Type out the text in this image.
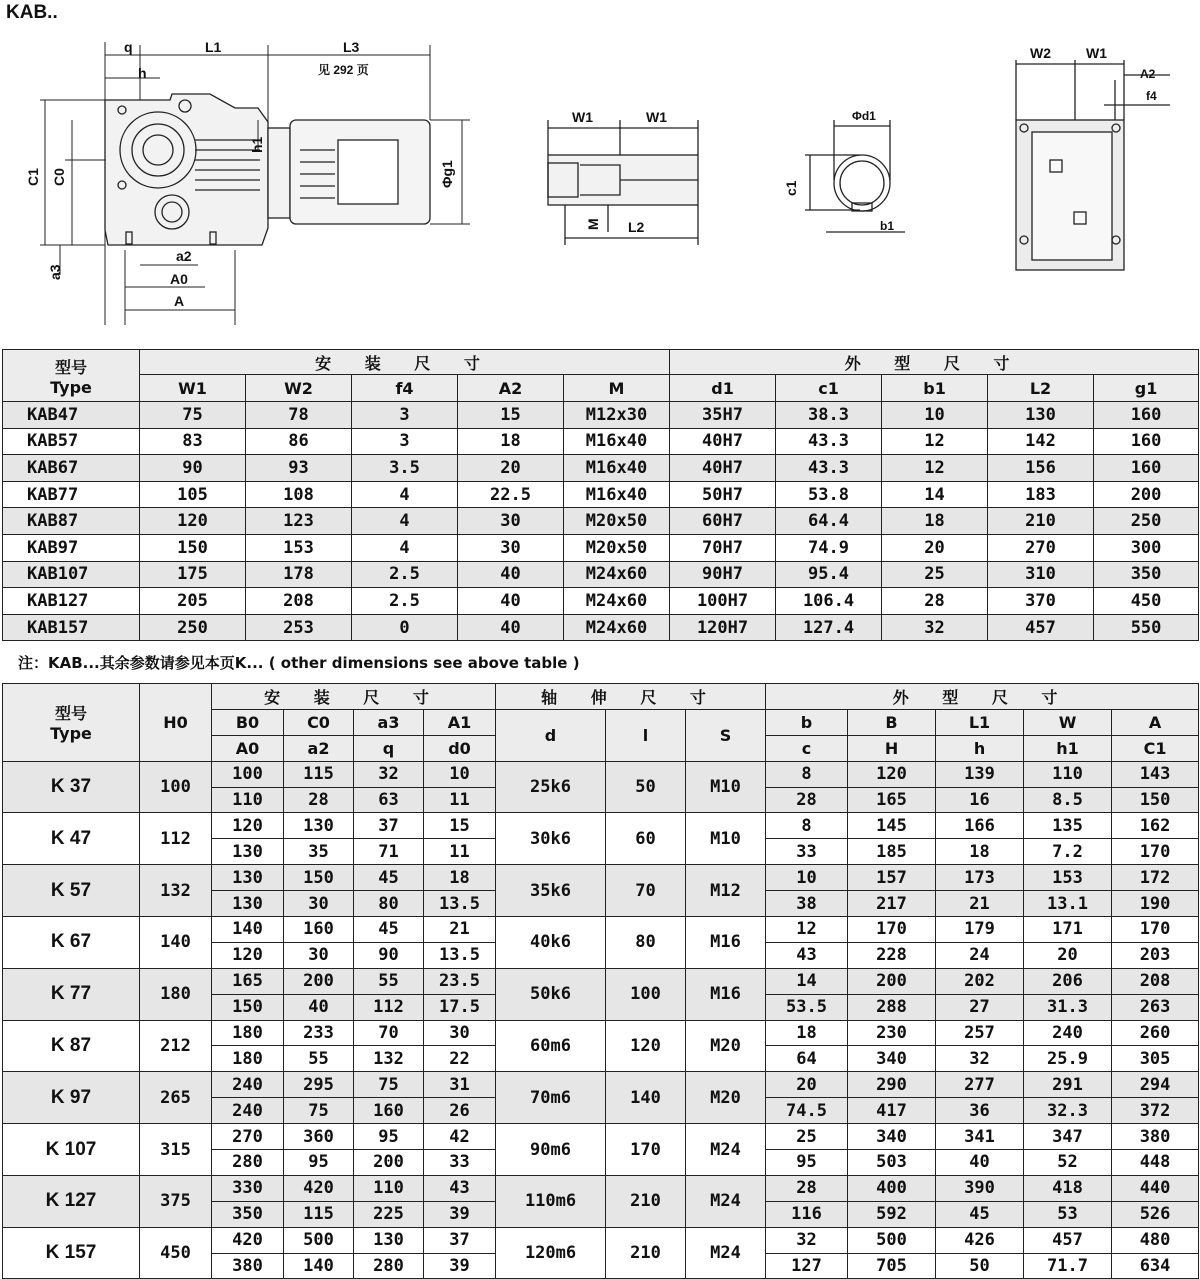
KAB..
q	L1	L3
见 292 页
h
h1
C1 C0	Φg1
a3
a2
A0
A
W1	W1
M L2
Φd1
c1
b1
W2	W1
A2
f4
型号
Type	安 装 尺 寸					外 型 尺 寸				
	W1	W2	f4	A2	M	d1	c1	b1	L2	g1
KAB47	75	78	3	15	M12x30	35H7	38.3	10	130	160
KAB57	83	86	3	18	M16x40	40H7	43.3	12	142	160
KAB67	90	93	3.5	20	M16x40	40H7	43.3	12	156	160
KAB77	105	108	4	22.5	M16x40	50H7	53.8	14	183	200
KAB87	120	123	4	30	M20x50	60H7	64.4	18	210	250
KAB97	150	153	4	30	M20x50	70H7	74.9	20	270	300
KAB107	175	178	2.5	40	M24x60	90H7	95.4	25	310	350
KAB127	205	208	2.5	40	M24x60	100H7	106.4	28	370	450
KAB157	250	253	0	40	M24x60	120H7	127.4	32	457	550
注：KAB...其余参数请参见本页K... ( other dimensions see above table )
型号
Type	H0	安 装 尺 寸				轴 伸 尺 寸			外 型 尺 寸				
		B0	C0	a3	A1	d	l	S	b	B	L1	W	A
		A0	a2	q	d0				c	H	h	h1	C1
K 37	100	100	115	32	10	25k6	50	M10	8	120	139	110	143
		110	28	63	11				28	165	16	8.5	150
K 47	112	120	130	37	15	30k6	60	M10	8	145	166	135	162
		130	35	71	11				33	185	18	7.2	170
K 57	132	130	150	45	18	35k6	70	M12	10	157	173	153	172
		130	30	80	13.5				38	217	21	13.1	190
K 67	140	140	160	45	21	40k6	80	M16	12	170	179	171	170
		120	30	90	13.5				43	228	24	20	203
K 77	180	165	200	55	23.5	50k6	100	M16	14	200	202	206	208
		150	40	112	17.5				53.5	288	27	31.3	263
K 87	212	180	233	70	30	60m6	120	M20	18	230	257	240	260
		180	55	132	22				64	340	32	25.9	305
K 97	265	240	295	75	31	70m6	140	M20	20	290	277	291	294
		240	75	160	26				74.5	417	36	32.3	372
K 107	315	270	360	95	42	90m6	170	M24	25	340	341	347	380
		280	95	200	33				95	503	40	52	448
K 127	375	330	420	110	43	110m6	210	M24	28	400	390	418	440
		350	115	225	39				116	592	45	53	526
K 157	450	420	500	130	37	120m6	210	M24	32	500	426	457	480
		380	140	280	39				127	705	50	71.7	634
